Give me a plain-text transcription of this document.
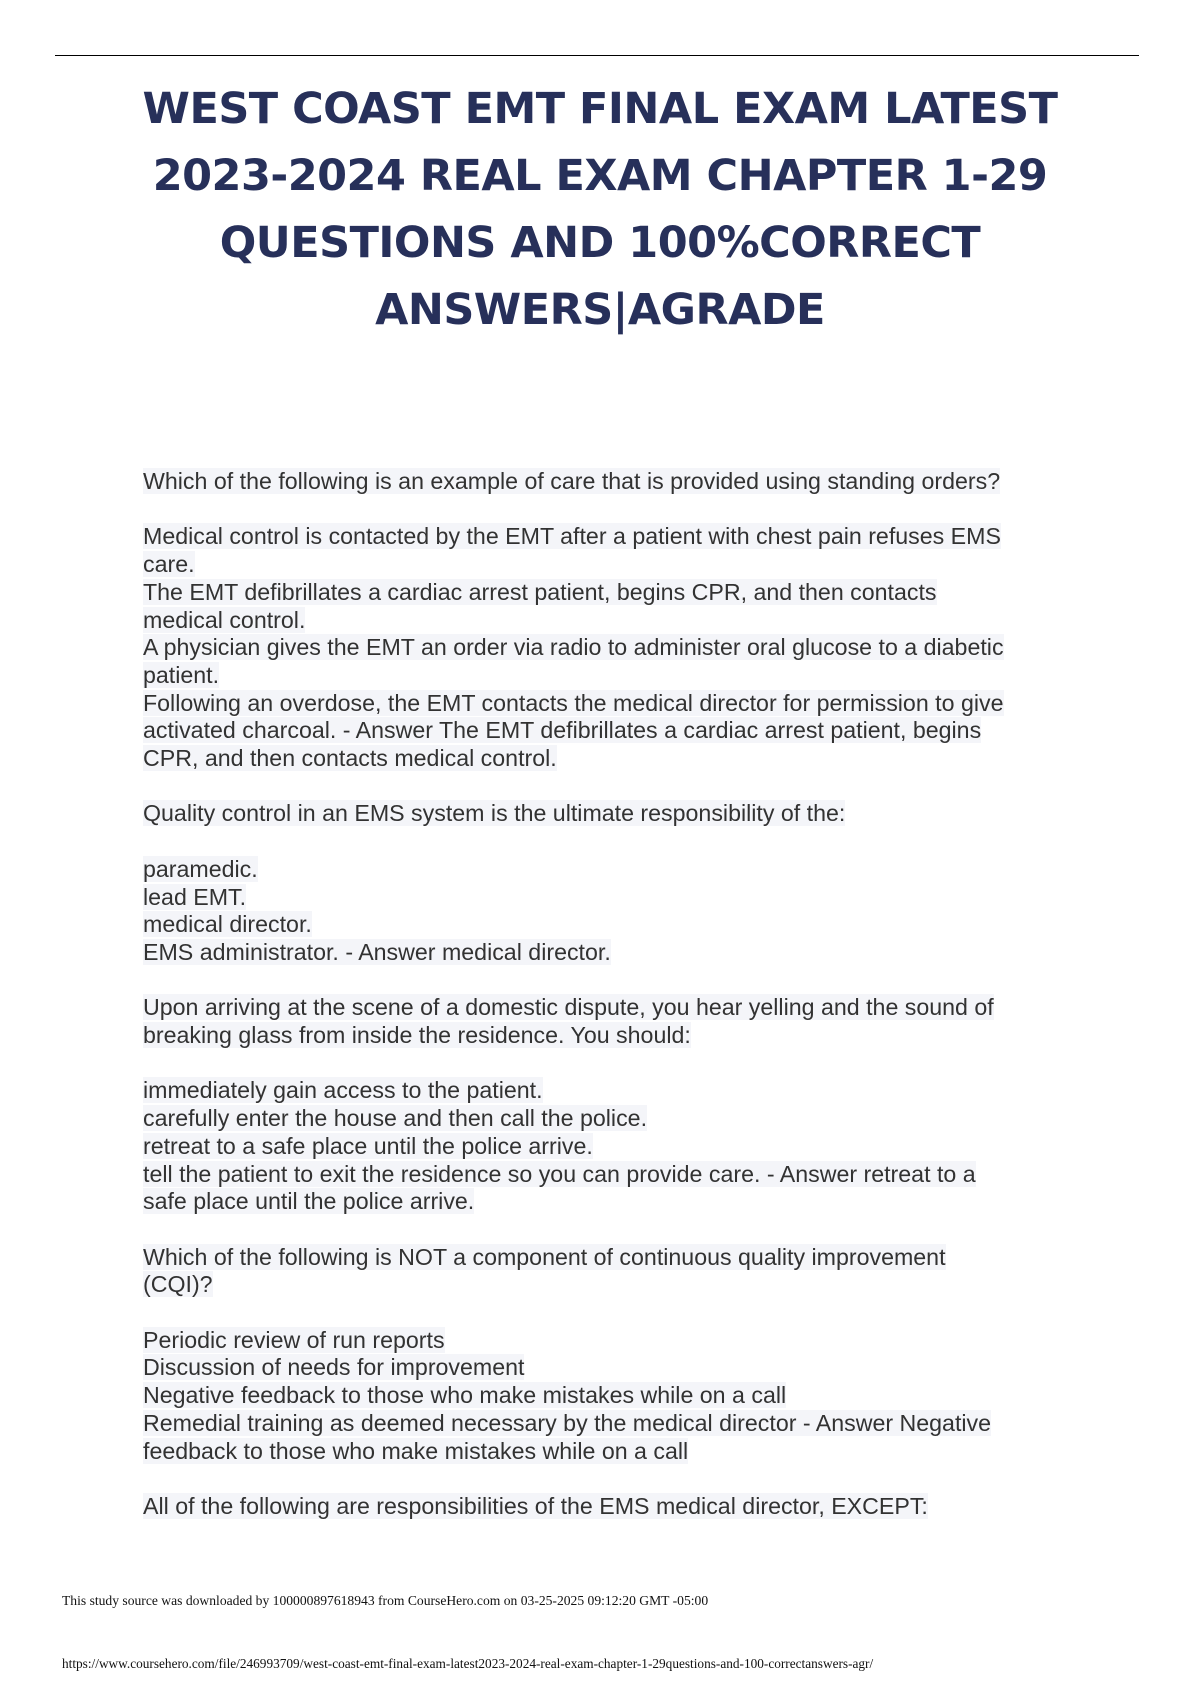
WEST COAST EMT FINAL EXAM LATEST
2023-2024 REAL EXAM CHAPTER 1-29
QUESTIONS AND 100%CORRECT
ANSWERS|AGRADE
Which of the following is an example of care that is provided using standing orders?
Medical control is contacted by the EMT after a patient with chest pain refuses EMS
care.
The EMT defibrillates a cardiac arrest patient, begins CPR, and then contacts
medical control.
A physician gives the EMT an order via radio to administer oral glucose to a diabetic
patient.
Following an overdose, the EMT contacts the medical director for permission to give
activated charcoal. - Answer The EMT defibrillates a cardiac arrest patient, begins
CPR, and then contacts medical control.
Quality control in an EMS system is the ultimate responsibility of the:
paramedic.
lead EMT.
medical director.
EMS administrator. - Answer medical director.
Upon arriving at the scene of a domestic dispute, you hear yelling and the sound of
breaking glass from inside the residence. You should:
immediately gain access to the patient.
carefully enter the house and then call the police.
retreat to a safe place until the police arrive.
tell the patient to exit the residence so you can provide care. - Answer retreat to a
safe place until the police arrive.
Which of the following is NOT a component of continuous quality improvement
(CQI)?
Periodic review of run reports
Discussion of needs for improvement
Negative feedback to those who make mistakes while on a call
Remedial training as deemed necessary by the medical director - Answer Negative
feedback to those who make mistakes while on a call
All of the following are responsibilities of the EMS medical director, EXCEPT:
This study source was downloaded by 100000897618943 from CourseHero.com on 03-25-2025 09:12:20 GMT -05:00
https://www.coursehero.com/file/246993709/west-coast-emt-final-exam-latest2023-2024-real-exam-chapter-1-29questions-and-100-correctanswers-agr/
